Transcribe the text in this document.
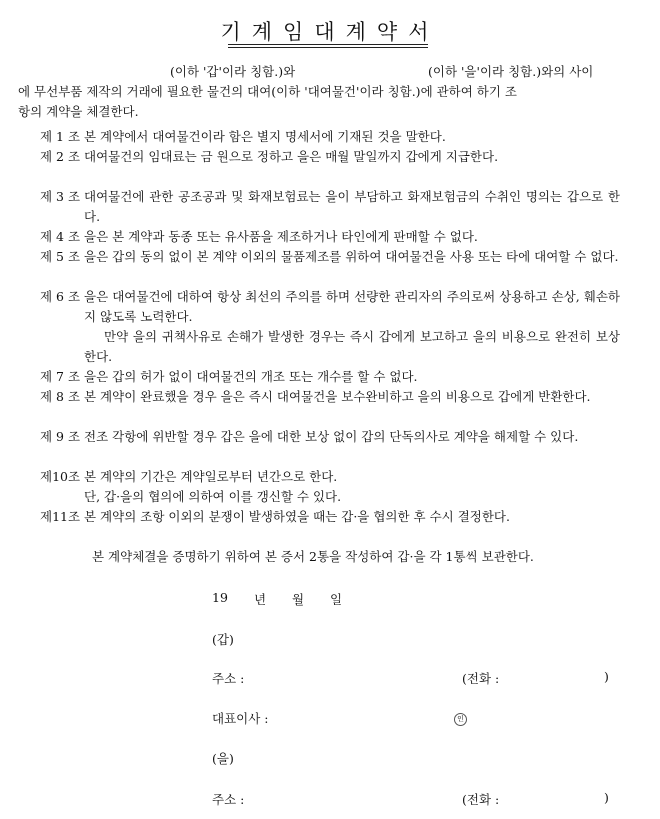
기계임대계약서
(이하 '갑'이라 칭함.)와	(이하 '을'이라 칭함.)와의 사이
에 무선부품 제작의 거래에 필요한 물건의 대여(이하 '대여물건'이라 칭함.)에 관하여 하기 조
항의 계약을 체결한다.
제 1 조 본 계약에서 대여물건이라 함은 별지 명세서에 기재된 것을 말한다.
제 2 조 대여물건의 임대료는 금 원으로 정하고 을은 매월 말일까지 갑에게 지급한다.
제 3 조 대여물건에 관한 공조공과 및 화재보험료는 을이 부담하고 화재보험금의 수취인 명의는 갑으로 한다.
제 4 조 을은 본 계약과 동종 또는 유사품을 제조하거나 타인에게 판매할 수 없다.
제 5 조 을은 갑의 동의 없이 본 계약 이외의 물품제조를 위하여 대여물건을 사용 또는 타에 대여할 수 없다.
제 6 조 을은 대여물건에 대하여 항상 최선의 주의를 하며 선량한 관리자의 주의로써 상용하고 손상, 훼손하지 않도록 노력한다.
만약 을의 귀책사유로 손해가 발생한 경우는 즉시 갑에게 보고하고 을의 비용으로 완전히 보상한다.
제 7 조 을은 갑의 허가 없이 대여물건의 개조 또는 개수를 할 수 없다.
제 8 조 본 계약이 완료했을 경우 을은 즉시 대여물건을 보수완비하고 을의 비용으로 갑에게 반환한다.
제 9 조 전조 각항에 위반할 경우 갑은 을에 대한 보상 없이 갑의 단독의사로 계약을 해제할 수 있다.
제10조 본 계약의 기간은 계약일로부터 년간으로 한다.
단, 갑·을의 협의에 의하여 이를 갱신할 수 있다.
제11조 본 계약의 조항 이외의 분쟁이 발생하였을 때는 갑·을 협의한 후 수시 결정한다.
본 계약체결을 증명하기 위하여 본 증서 2통을 작성하여 갑·을 각 1통씩 보관한다.
19 년 월 일
(갑)
주소 :	(전화 :	)
대표이사 :	인
(을)
주소 :	(전화 :	)
